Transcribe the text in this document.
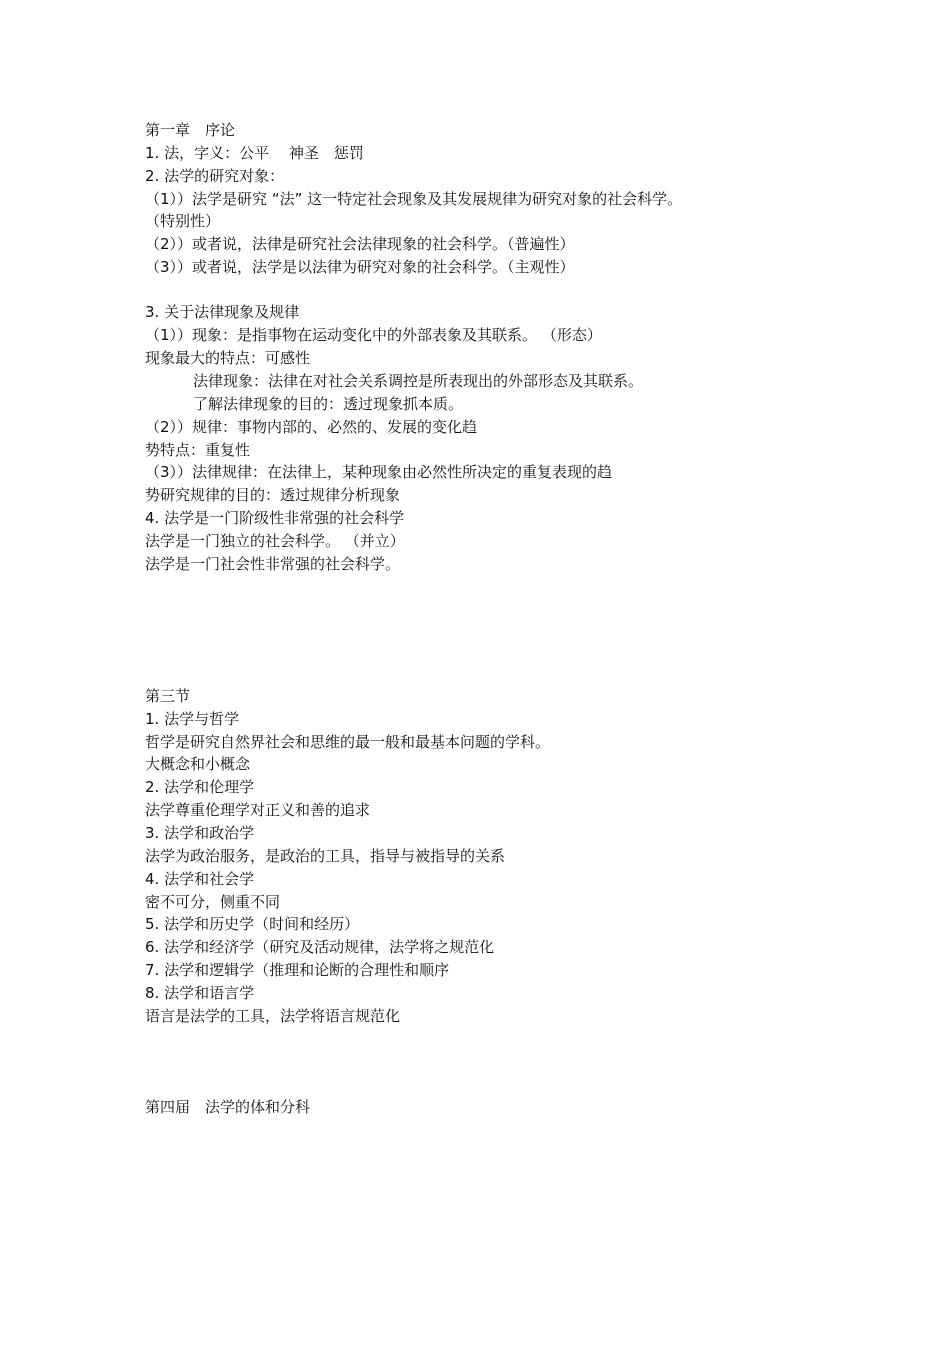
第一章　序论
1. 法，字义：公平　 神圣　惩罚
2. 法学的研究对象：
（1））法学是研究 “法” 这一特定社会现象及其发展规律为研究对象的社会科学。
（特别性）
（2））或者说，法律是研究社会法律现象的社会科学。（普遍性）
（3））或者说，法学是以法律为研究对象的社会科学。（主观性）
3. 关于法律现象及规律
（1））现象：是指事物在运动变化中的外部表象及其联系。 （形态）
现象最大的特点：可感性
法律现象：法律在对社会关系调控是所表现出的外部形态及其联系。
了解法律现象的目的：透过现象抓本质。
（2））规律：事物内部的、必然的、发展的变化趋
势特点：重复性
（3））法律规律：在法律上，某种现象由必然性所决定的重复表现的趋
势研究规律的目的：透过规律分析现象
4. 法学是一门阶级性非常强的社会科学
法学是一门独立的社会科学。 （并立）
法学是一门社会性非常强的社会科学。
第三节
1. 法学与哲学
哲学是研究自然界社会和思维的最一般和最基本问题的学科。
大概念和小概念
2. 法学和伦理学
法学尊重伦理学对正义和善的追求
3. 法学和政治学
法学为政治服务，是政治的工具，指导与被指导的关系
4. 法学和社会学
密不可分，侧重不同
5. 法学和历史学（时间和经历）
6. 法学和经济学（研究及活动规律，法学将之规范化
7. 法学和逻辑学（推理和论断的合理性和顺序
8. 法学和语言学
语言是法学的工具，法学将语言规范化
第四届　法学的体和分科
